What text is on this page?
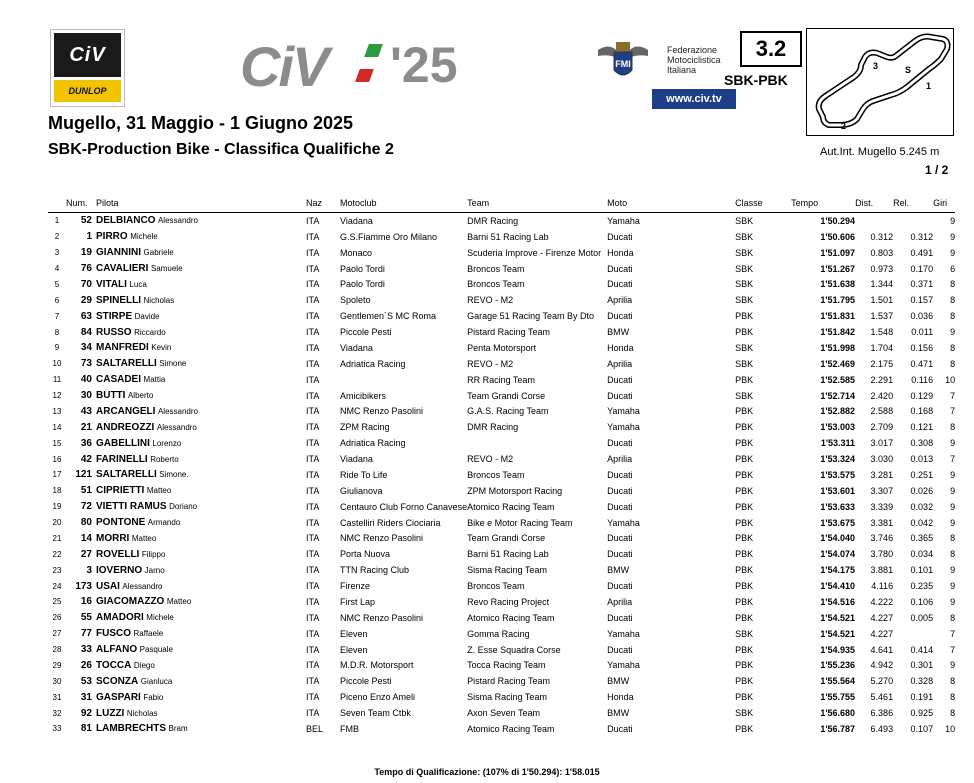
CiV
DUNLOP CiV '25	FMI
Federazione
Motociclistica
Italiana
www.civ.tv
3.2
SBK-PBK	1
2
3	S
Mugello, 31 Maggio - 1 Giugno 2025
SBK-Production Bike - Classifica Qualifiche 2	Aut.Int. Mugello 5.245 m
1 / 2
	Num.	Pilota	Naz	Motoclub	Team	Moto	Classe	Tempo	Dist.	Rel.	Giri
1	52	DELBIANCO Alessandro	ITA	Viadana	DMR Racing	Yamaha	SBK	1'50.294			9
2	1	PIRRO Michele	ITA	G.S.Fiamme Oro Milano	Barni 51 Racing Lab	Ducati	SBK	1'50.606	0.312	0.312	9
3	19	GIANNINI Gabriele	ITA	Monaco	Scuderia Improve - Firenze Motor	Honda	SBK	1'51.097	0.803	0.491	9
4	76	CAVALIERI Samuele	ITA	Paolo Tordi	Broncos Team	Ducati	SBK	1'51.267	0.973	0.170	6
5	70	VITALI Luca	ITA	Paolo Tordi	Broncos Team	Ducati	SBK	1'51.638	1.344	0.371	8
6	29	SPINELLI Nicholas	ITA	Spoleto	REVO - M2	Aprilia	SBK	1'51.795	1.501	0.157	8
7	63	STIRPE Davide	ITA	Gentlemen`S MC Roma	Garage 51 Racing Team By Dto	Ducati	PBK	1'51.831	1.537	0.036	8
8	84	RUSSO Riccardo	ITA	Piccole Pesti	Pistard Racing Team	BMW	PBK	1'51.842	1.548	0.011	9
9	34	MANFREDI Kevin	ITA	Viadana	Penta Motorsport	Honda	SBK	1'51.998	1.704	0.156	8
10	73	SALTARELLI Simone	ITA	Adriatica Racing	REVO - M2	Aprilia	SBK	1'52.469	2.175	0.471	8
11	40	CASADEI Mattia	ITA		RR Racing Team	Ducati	PBK	1'52.585	2.291	0.116	10
12	30	BUTTI Alberto	ITA	Amicibikers	Team Grandi Corse	Ducati	SBK	1'52.714	2.420	0.129	7
13	43	ARCANGELI Alessandro	ITA	NMC Renzo Pasolini	G.A.S. Racing Team	Yamaha	PBK	1'52.882	2.588	0.168	7
14	21	ANDREOZZI Alessandro	ITA	ZPM Racing	DMR Racing	Yamaha	PBK	1'53.003	2.709	0.121	8
15	36	GABELLINI Lorenzo	ITA	Adriatica Racing		Ducati	PBK	1'53.311	3.017	0.308	9
16	42	FARINELLI Roberto	ITA	Viadana	REVO - M2	Aprilia	PBK	1'53.324	3.030	0.013	7
17	121	SALTARELLI Simone.	ITA	Ride To Life	Broncos Team	Ducati	PBK	1'53.575	3.281	0.251	9
18	51	CIPRIETTI Matteo	ITA	Giulianova	ZPM Motorsport Racing	Ducati	PBK	1'53.601	3.307	0.026	9
19	72	VIETTI RAMUS Doriano	ITA	Centauro Club Forno Canavese	Atomico Racing Team	Ducati	PBK	1'53.633	3.339	0.032	9
20	80	PONTONE Armando	ITA	Castelliri Riders Ciociaria	Bike e Motor Racing Team	Yamaha	PBK	1'53.675	3.381	0.042	9
21	14	MORRI Matteo	ITA	NMC Renzo Pasolini	Team Grandi Corse	Ducati	PBK	1'54.040	3.746	0.365	8
22	27	ROVELLI Filippo	ITA	Porta Nuova	Barni 51 Racing Lab	Ducati	PBK	1'54.074	3.780	0.034	8
23	3	IOVERNO Jarno	ITA	TTN Racing Club	Sisma Racing Team	BMW	PBK	1'54.175	3.881	0.101	9
24	173	USAI Alessandro	ITA	Firenze	Broncos Team	Ducati	PBK	1'54.410	4.116	0.235	9
25	16	GIACOMAZZO Matteo	ITA	First Lap	Revo Racing Project	Aprilia	PBK	1'54.516	4.222	0.106	9
26	55	AMADORI Michele	ITA	NMC Renzo Pasolini	Atomico Racing Team	Ducati	PBK	1'54.521	4.227	0.005	8
27	77	FUSCO Raffaele	ITA	Eleven	Gomma Racing	Yamaha	SBK	1'54.521	4.227		7
28	33	ALFANO Pasquale	ITA	Eleven	Z. Esse Squadra Corse	Ducati	PBK	1'54.935	4.641	0.414	7
29	26	TOCCA Diego	ITA	M.D.R. Motorsport	Tocca Racing Team	Yamaha	PBK	1'55.236	4.942	0.301	9
30	53	SCONZA Gianluca	ITA	Piccole Pesti	Pistard Racing Team	BMW	PBK	1'55.564	5.270	0.328	8
31	31	GASPARI Fabio	ITA	Piceno Enzo Ameli	Sisma Racing Team	Honda	PBK	1'55.755	5.461	0.191	8
32	92	LUZZI Nicholas	ITA	Seven Team Ctbk	Axon Seven Team	BMW	SBK	1'56.680	6.386	0.925	8
33	81	LAMBRECHTS Bram	BEL	FMB	Atomico Racing Team	Ducati	PBK	1'56.787	6.493	0.107	10
Tempo di Qualificazione: (107% di 1'50.294): 1'58.015
